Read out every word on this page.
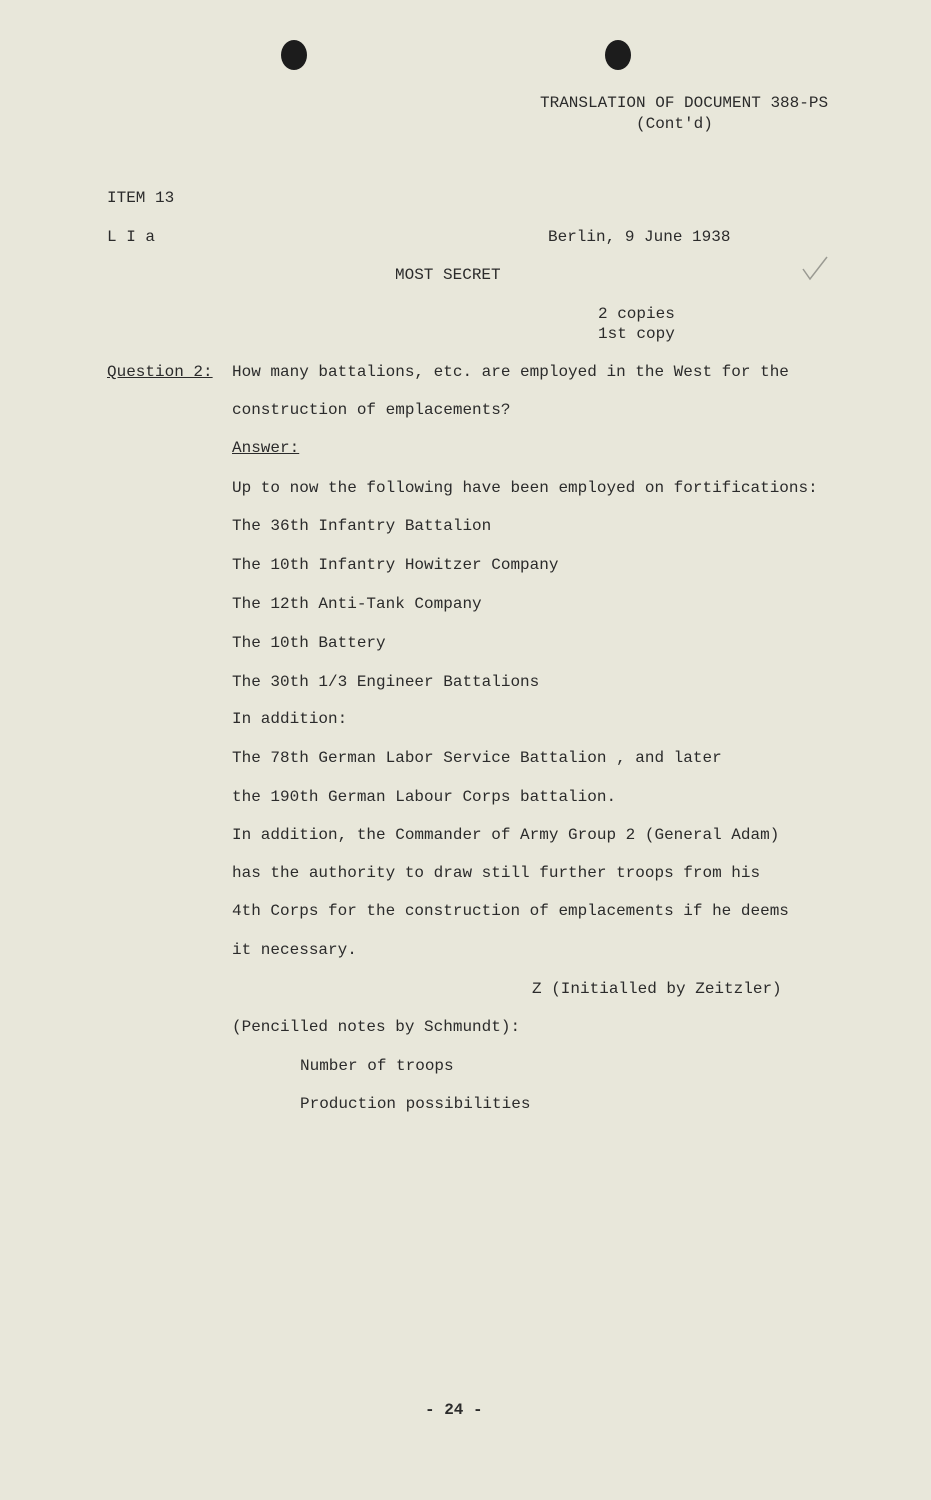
TRANSLATION OF DOCUMENT 388-PS
(Cont'd)
ITEM 13
L I a	Berlin, 9 June 1938
MOST SECRET
2 copies
1st copy
Question 2: How many battalions, etc. are employed in the West for the
construction of emplacements?
Answer:
Up to now the following have been employed on fortifications:
The 36th Infantry Battalion
The 10th Infantry Howitzer Company
The 12th Anti-Tank Company
The 10th Battery
The 30th 1/3 Engineer Battalions
In addition:
The 78th German Labor Service Battalion , and later
the 190th German Labour Corps battalion.
In addition, the Commander of Army Group 2 (General Adam)
has the authority to draw still further troops from his
4th Corps for the construction of emplacements if he deems
it necessary.
Z (Initialled by Zeitzler)
(Pencilled notes by Schmundt):
Number of troops
Production possibilities
- 24 -
